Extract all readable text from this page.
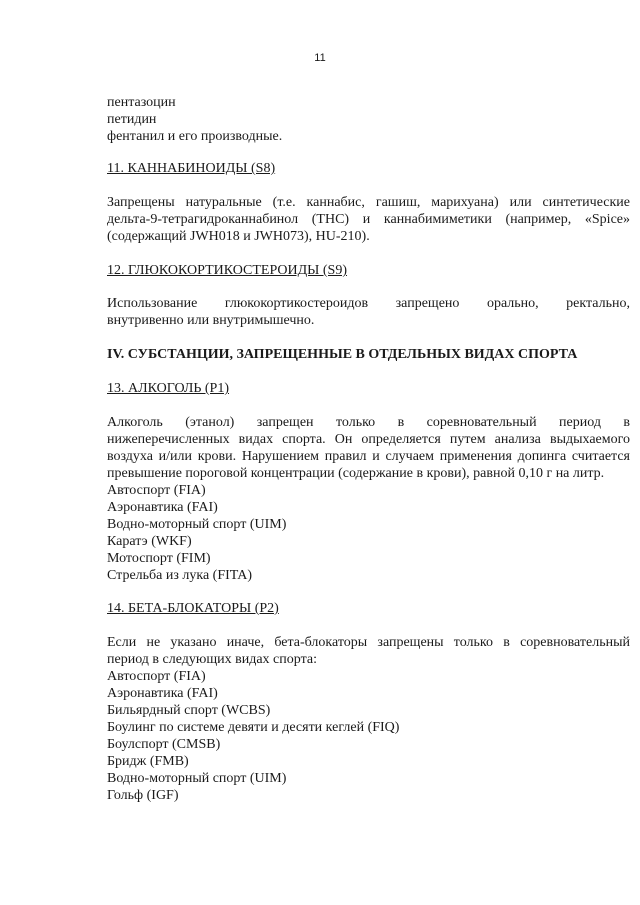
11
пентазоцин
петидин
фентанил и его производные.
11. КАННАБИНОИДЫ (S8)
Запрещены натуральные (т.е. каннабис, гашиш, марихуана) или синтетические
дельта-9-тетрагидроканнабинол (ТНС) и каннабимиметики (например, «Spice»
(содержащий JWH018 и JWH073), HU-210).
12. ГЛЮКОКОРТИКОСТЕРОИДЫ (S9)
Использование глюкокортикостероидов запрещено орально, ректально,
внутривенно или внутримышечно.
IV. СУБСТАНЦИИ, ЗАПРЕЩЕННЫЕ В ОТДЕЛЬНЫХ ВИДАХ СПОРТА
13. АЛКОГОЛЬ (P1)
Алкоголь (этанол) запрещен только в соревновательный период в
нижеперечисленных видах спорта. Он определяется путем анализа выдыхаемого
воздуха и/или крови. Нарушением правил и случаем применения допинга считается
превышение пороговой концентрации (содержание в крови), равной 0,10 г на литр.
Автоспорт (FIA)
Аэронавтика (FAI)
Водно-моторный спорт (UIM)
Каратэ (WKF)
Мотоспорт (FIM)
Стрельба из лука (FITA)
14. БЕТА-БЛОКАТОРЫ (P2)
Если не указано иначе, бета-блокаторы запрещены только в соревновательный
период в следующих видах спорта:
Автоспорт (FIA)
Аэронавтика (FAI)
Бильярдный спорт (WCBS)
Боулинг по системе девяти и десяти кеглей (FIQ)
Боулспорт (CMSB)
Бридж (FMB)
Водно-моторный спорт (UIM)
Гольф (IGF)
